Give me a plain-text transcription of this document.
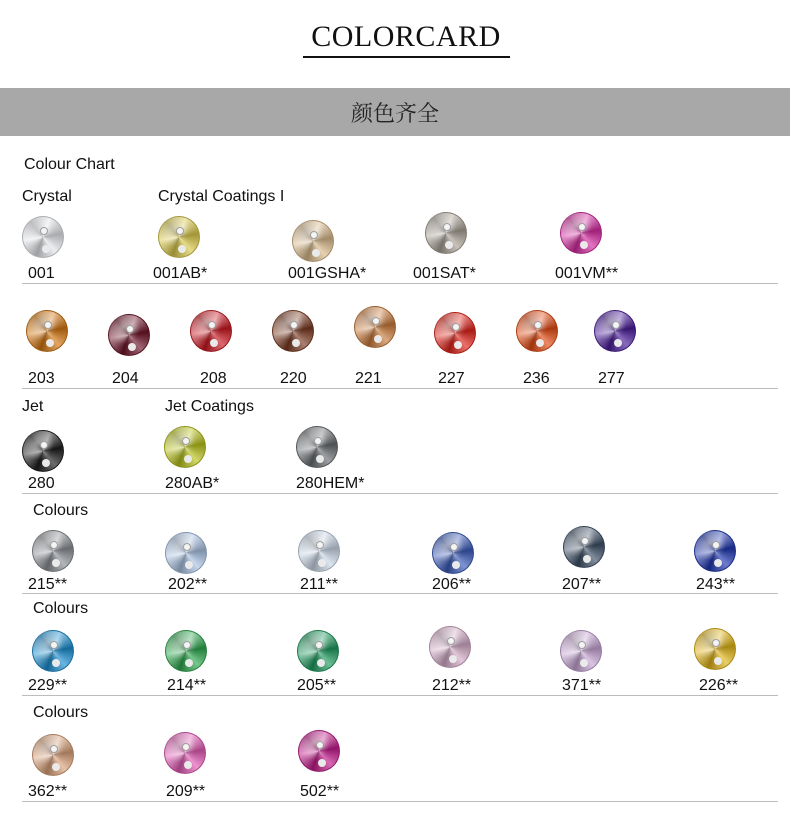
COLORCARD
颜色齐全
Colour Chart
Crystal	Crystal Coatings I
Jet	Jet Coatings
Colours
Colours
Colours
001	001AB*	001GSHA*	001SAT*	001VM**
203	204	208	220	221	227	236	277
280	280AB*	280HEM*
215**	202**	211**	206**	207**	243**
229**	214**	205**	212**	371**	226**
362**	209**	502**
